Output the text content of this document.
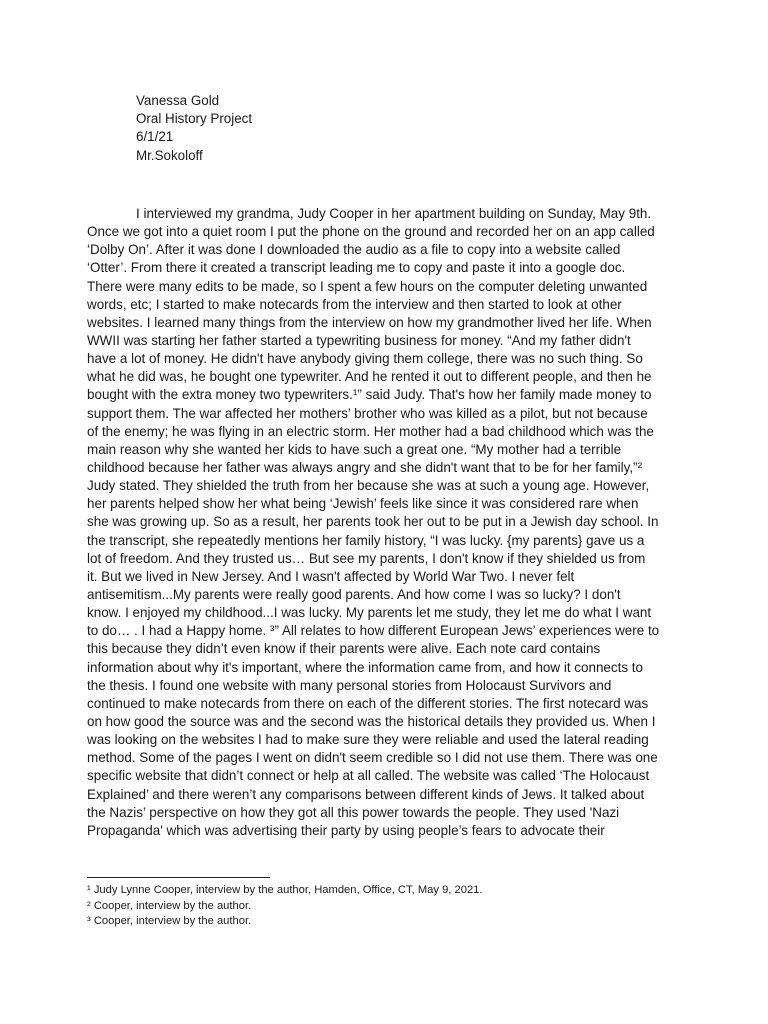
Vanessa Gold
Oral History Project
6/1/21
Mr.Sokoloff
I interviewed my grandma, Judy Cooper in her apartment building on Sunday, May 9th.
Once we got into a quiet room I put the phone on the ground and recorded her on an app called
‘Dolby On’. After it was done I downloaded the audio as a file to copy into a website called
‘Otter’. From there it created a transcript leading me to copy and paste it into a google doc.
There were many edits to be made, so I spent a few hours on the computer deleting unwanted
words, etc; I started to make notecards from the interview and then started to look at other
websites. I learned many things from the interview on how my grandmother lived her life. When
WWII was starting her father started a typewriting business for money. “And my father didn't
have a lot of money. He didn't have anybody giving them college, there was no such thing. So
what he did was, he bought one typewriter. And he rented it out to different people, and then he
bought with the extra money two typewriters.¹” said Judy. That's how her family made money to
support them. The war affected her mothers’ brother who was killed as a pilot, but not because
of the enemy; he was flying in an electric storm. Her mother had a bad childhood which was the
main reason why she wanted her kids to have such a great one. “My mother had a terrible
childhood because her father was always angry and she didn't want that to be for her family,”²
Judy stated. They shielded the truth from her because she was at such a young age. However,
her parents helped show her what being ‘Jewish’ feels like since it was considered rare when
she was growing up. So as a result, her parents took her out to be put in a Jewish day school. In
the transcript, she repeatedly mentions her family history, “I was lucky. {my parents} gave us a
lot of freedom. And they trusted us… But see my parents, I don't know if they shielded us from
it. But we lived in New Jersey. And I wasn't affected by World War Two. I never felt
antisemitism...My parents were really good parents. And how come I was so lucky? I don't
know. I enjoyed my childhood...I was lucky. My parents let me study, they let me do what I want
to do… . I had a Happy home. ³” All relates to how different European Jews’ experiences were to
this because they didn’t even know if their parents were alive. Each note card contains
information about why it's important, where the information came from, and how it connects to
the thesis. I found one website with many personal stories from Holocaust Survivors and
continued to make notecards from there on each of the different stories. The first notecard was
on how good the source was and the second was the historical details they provided us. When I
was looking on the websites I had to make sure they were reliable and used the lateral reading
method. Some of the pages I went on didn't seem credible so I did not use them. There was one
specific website that didn’t connect or help at all called. The website was called ‘The Holocaust
Explained’ and there weren’t any comparisons between different kinds of Jews. It talked about
the Nazis’ perspective on how they got all this power towards the people. They used 'Nazi
Propaganda' which was advertising their party by using people’s fears to advocate their
¹ Judy Lynne Cooper, interview by the author, Hamden, Office, CT, May 9, 2021.
² Cooper, interview by the author.
³ Cooper, interview by the author.
